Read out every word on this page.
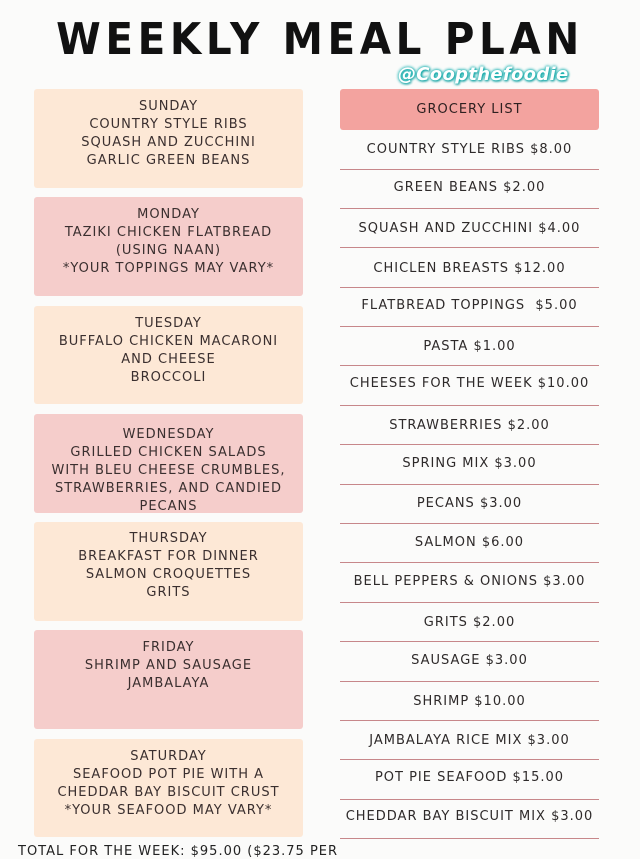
WEEKLY MEAL PLAN
@Coopthefoodie
SUNDAY
COUNTRY STYLE RIBS
SQUASH AND ZUCCHINI
GARLIC GREEN BEANS
MONDAY
TAZIKI CHICKEN FLATBREAD
(USING NAAN)
*YOUR TOPPINGS MAY VARY*
TUESDAY
BUFFALO CHICKEN MACARONI
AND CHEESE
BROCCOLI
WEDNESDAY
GRILLED CHICKEN SALADS
WITH BLEU CHEESE CRUMBLES,
STRAWBERRIES, AND CANDIED
PECANS
THURSDAY
BREAKFAST FOR DINNER
SALMON CROQUETTES
GRITS
FRIDAY
SHRIMP AND SAUSAGE
JAMBALAYA
SATURDAY
SEAFOOD POT PIE WITH A
CHEDDAR BAY BISCUIT CRUST
*YOUR SEAFOOD MAY VARY*
GROCERY LIST
COUNTRY STYLE RIBS $8.00
GREEN BEANS $2.00
SQUASH AND ZUCCHINI $4.00
CHICLEN BREASTS $12.00
FLATBREAD TOPPINGS  $5.00
PASTA $1.00
CHEESES FOR THE WEEK $10.00
STRAWBERRIES $2.00
SPRING MIX $3.00
PECANS $3.00
SALMON $6.00
BELL PEPPERS & ONIONS $3.00
GRITS $2.00
SAUSAGE $3.00
SHRIMP $10.00
JAMBALAYA RICE MIX $3.00
POT PIE SEAFOOD $15.00
CHEDDAR BAY BISCUIT MIX $3.00
TOTAL FOR THE WEEK: $95.00 ($23.75 PER
